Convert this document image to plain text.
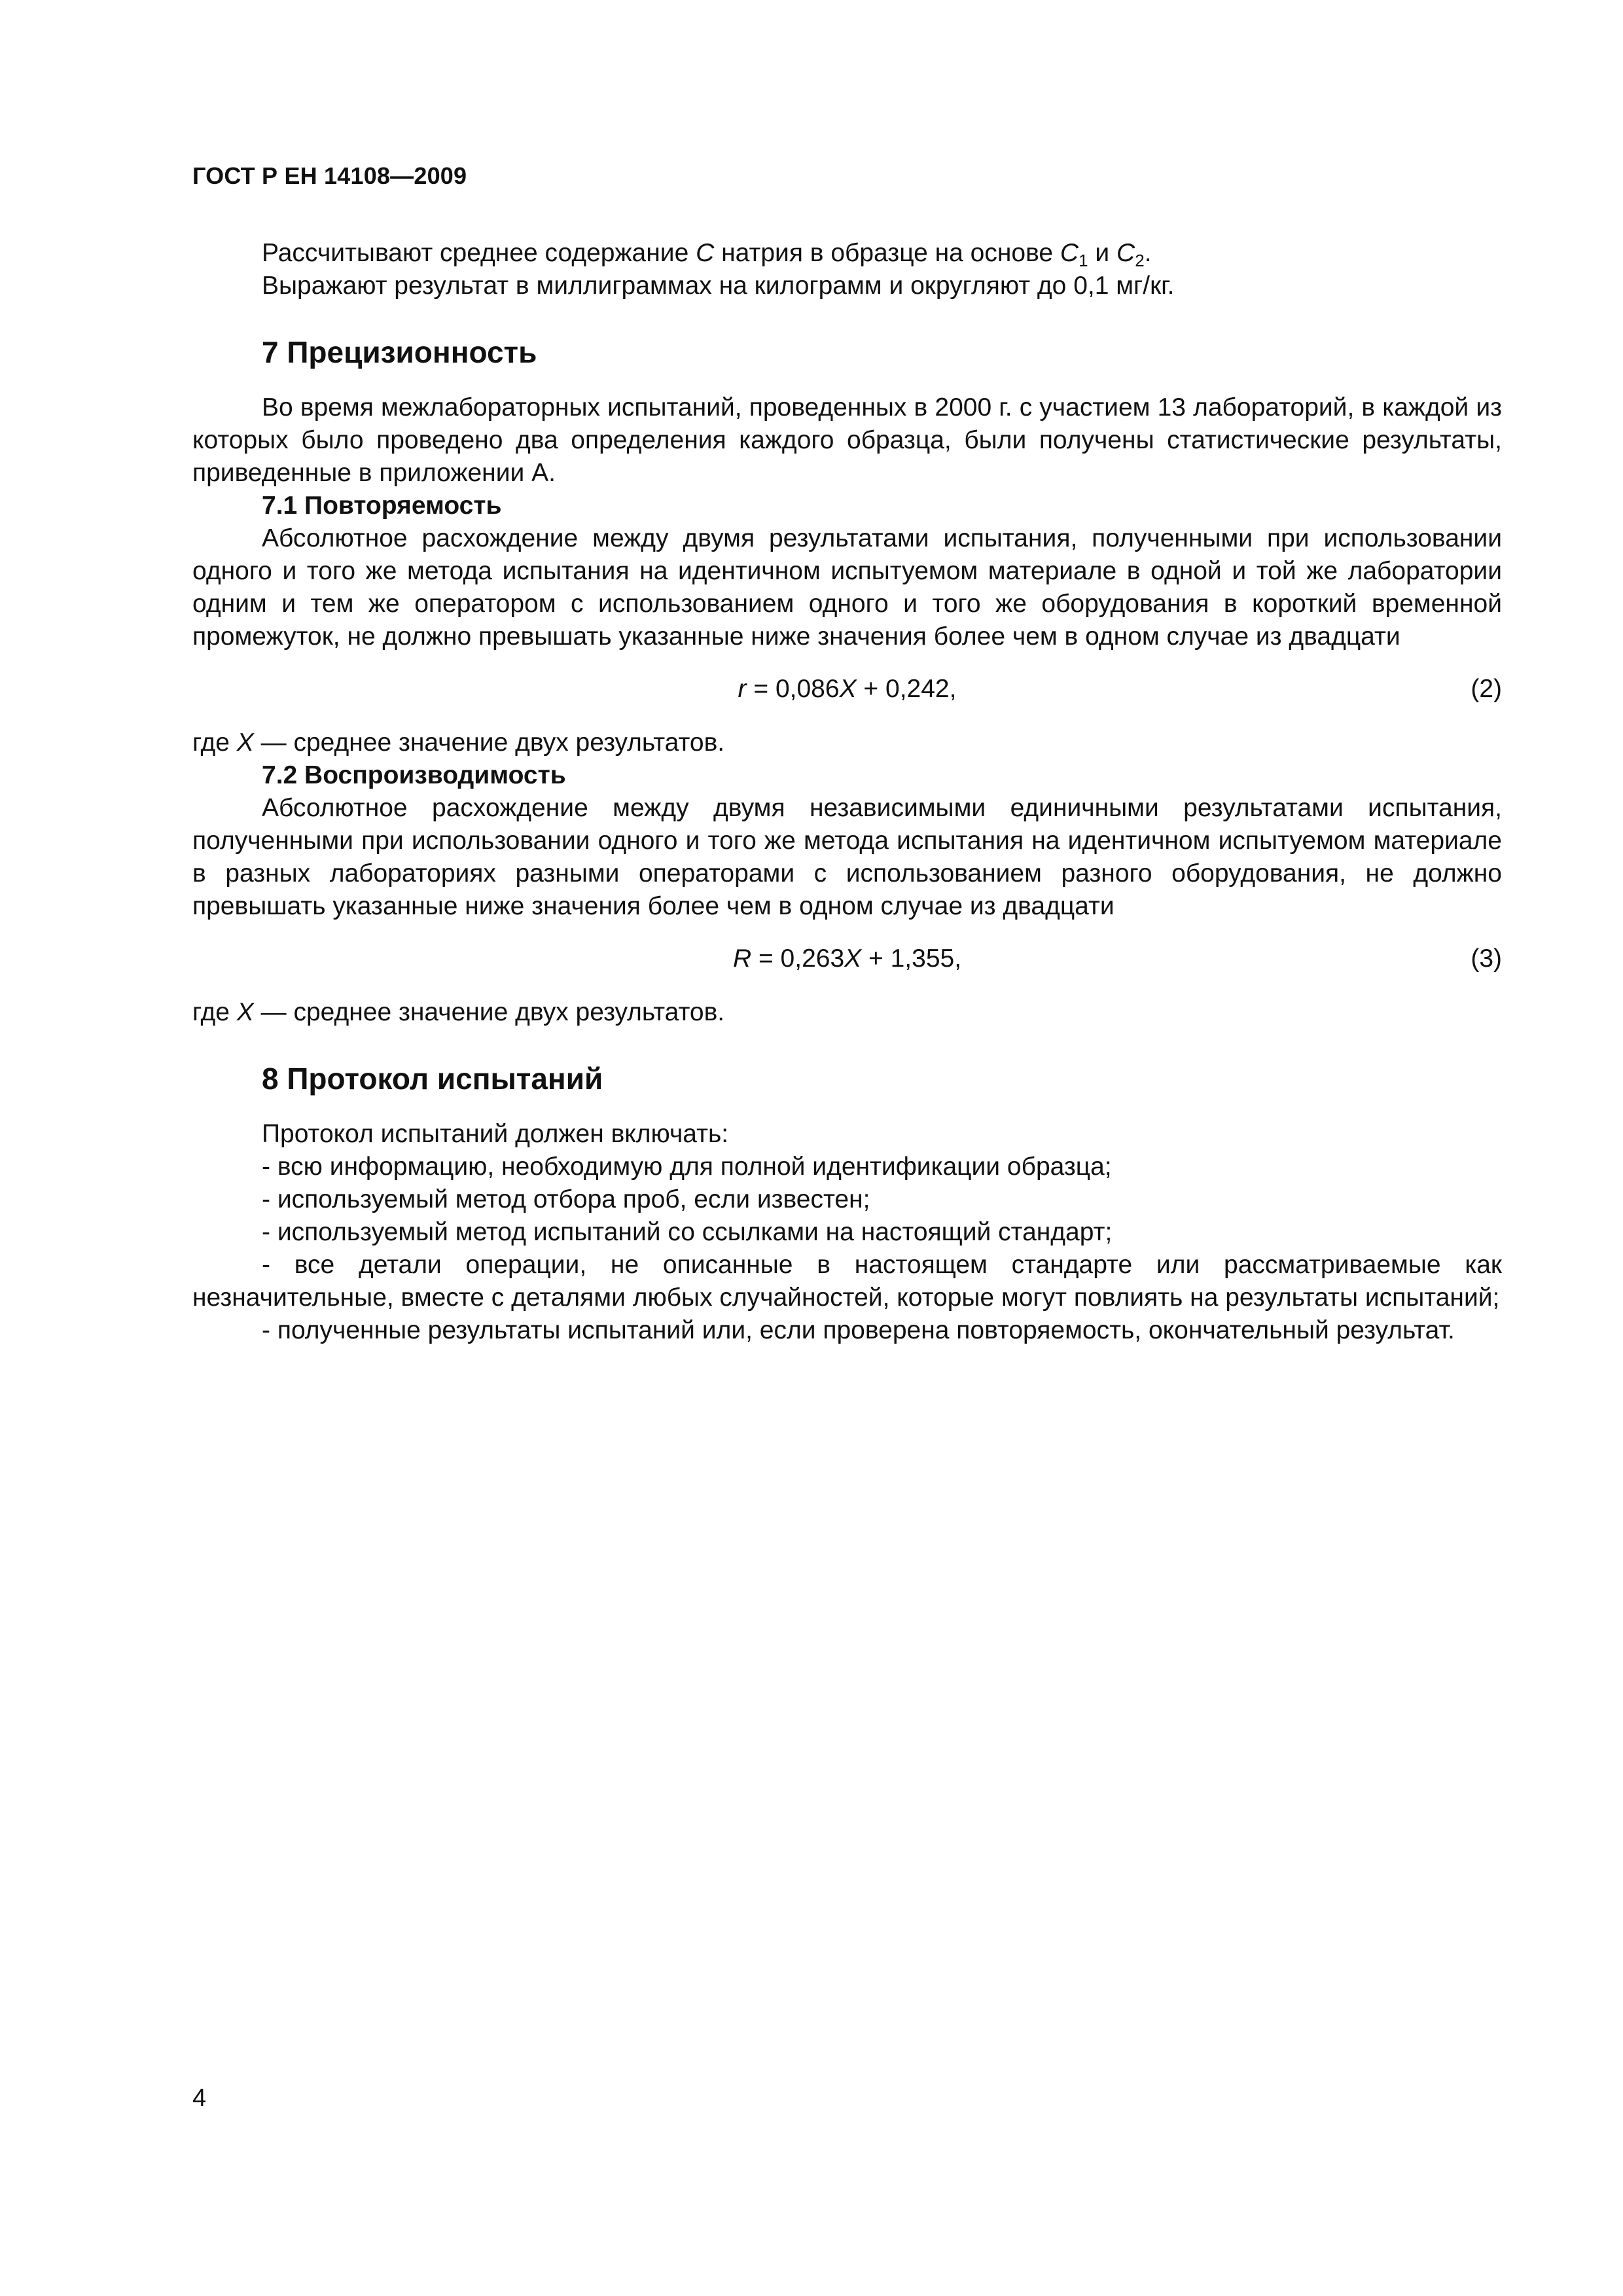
ГОСТ Р ЕН 14108—2009

Рассчитывают среднее содержание C натрия в образце на основе $C_1$ и $C_2$.

Выражают результат в миллиграммах на килограмм и округляют до 0,1 мг/кг.

7 Прецизионность

Во время межлабораторных испытаний, проведенных в 2000 г. с участием 13 лабораторий, в каждой из которых было проведено два определения каждого образца, были получены статистические результаты, приведенные в приложении А.

7.1 Повторяемость

Абсолютное расхождение между двумя результатами испытания, полученными при использовании одного и того же метода испытания на идентичном испытуемом материале в одной и той же лаборатории одним и тем же оператором с использованием одного и того же оборудования в короткий временной промежуток, не должно превышать указанные ниже значения более чем в одном случае из двадцати

r = 0,086X + 0,242,	(2)

где X — среднее значение двух результатов.

7.2 Воспроизводимость

Абсолютное расхождение между двумя независимыми единичными результатами испытания, полученными при использовании одного и того же метода испытания на идентичном испытуемом материале в разных лабораториях разными операторами с использованием разного оборудования, не должно превышать указанные ниже значения более чем в одном случае из двадцати

R = 0,263X + 1,355,	(3)

где X — среднее значение двух результатов.

8 Протокол испытаний

Протокол испытаний должен включать:

- всю информацию, необходимую для полной идентификации образца;

- используемый метод отбора проб, если известен;

- используемый метод испытаний со ссылками на настоящий стандарт;

- все детали операции, не описанные в настоящем стандарте или рассматриваемые как незначительные, вместе с деталями любых случайностей, которые могут повлиять на результаты испытаний;

- полученные результаты испытаний или, если проверена повторяемость, окончательный результат.

4
